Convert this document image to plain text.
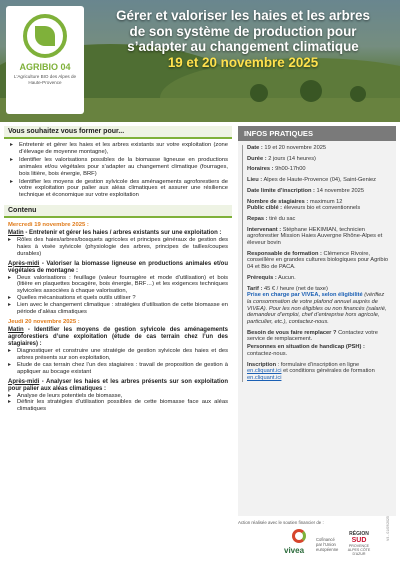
AGRIBIO 04
L'Agriculture BIO des Alpes de Haute-Provence
Gérer et valoriser les haies et les arbres
de son système de production pour
s’adapter au changement climatique
19 et 20 novembre 2025
Vous souhaitez vous former pour...
▸ Entretenir et gérer les haies et les arbres existants sur votre exploitation (zone d’élevage de moyenne montagne),
▸ Identifier les valorisations possibles de la biomasse ligneuse en productions animales et/ou végétales pour s’adapter au changement climatique (fourrages, bois litière, bois énergie, BRF)
▸ Identifier les moyens de gestion sylvicole des aménagements agroforestiers de votre exploitation pour palier aux aléas climatiques et assurer une résilience technique et économique sur votre exploitation
Contenu
Mercredi 19 novembre 2025 :
Matin - Entretenir et gérer les haies / arbres existants sur une exploitation :
▸ Rôles des haies/arbres/bosquets agricoles et principes généraux de gestion des haies à visée sylvicole (physiologie des arbres, principes de tailles/coupes durables)
Après-midi - Valoriser la biomasse ligneuse en productions animales et/ou végétales de montagne :
▸ Deux valorisations : feuillage (valeur fourragère et mode d’utilisation) et bois (litière en plaquettes bocagère, bois énergie, BRF…) et les exigences techniques sylvicoles associées à chaque valorisation,
▸ Quelles mécanisations et quels outils utiliser ?
▸ Lien avec le changement climatique : stratégies d’utilisation de cette biomasse en période d’aléas climatiques
Jeudi 20 novembre 2025 :
Matin - Identifier les moyens de gestion sylvicole des aménagements agroforestiers d’une exploitation (étude de cas terrain chez l’un des stagiaires) :
▸ Diagnostiquer et construire une stratégie de gestion sylvicole des haies et des arbres présents sur son exploitation,
▸ Etude de cas terrain chez l’un des stagiaires : travail de proposition de gestion à appliquer au bocage existant
Après-midi - Analyser les haies et les arbres présents sur son exploitation pour palier aux aléas climatiques :
▸ Analyse de leurs potentiels de biomasse,
▸ Définir les stratégies d’utilisation possibles de cette biomasse face aux aléas climatiques
INFOS PRATIQUES
Date : 19 et 20 novembre 2025
Durée : 2 jours (14 heures)
Horaires : 9h00-17h00
Lieu : Alpes de Haute-Provence (04), Saint-Geniez
Date limite d’inscription : 14 novembre 2025
Nombre de stagiaires : maximum 12
Public ciblé : éleveurs bio et conventionnels
Repas : tiré du sac
Intervenant : Stéphane HEKIMIAN, technicien agroforestier Mission Haies Auvergne Rhône-Alpes et éleveur bovin
Responsable de formation : Clémence Rivoire, conseillère en grandes cultures biologiques pour Agribio 04 et Bio de PACA.
Prérequis : Aucun.
Tarif : 45 € / heure (net de taxe)
Prise en charge par VIVEA, selon éligibilité (vérifiez la consommation de votre plafond annuel auprès de VIVEA). Pour les non éligibles ou non financés (salarié, demandeur d’emploi, chef d’entreprise hors agricole, particulier, etc.), contactez-nous.
Besoin de vous faire remplacer ? Contactez votre service de remplacement.
Personnes en situation de handicap (PSH) : contactez-nous.
Inscription : formulaire d’inscription en ligne en.cliquant.ici et conditions générales de formation en.cliquant.ici
Action réalisée avec le soutien financier de :
vivea
Cofinancé par l'Union européenne
RÉGION
SUD
PROVENCE ALPES CÔTE D'AZUR
V4 - 01/09/2025
